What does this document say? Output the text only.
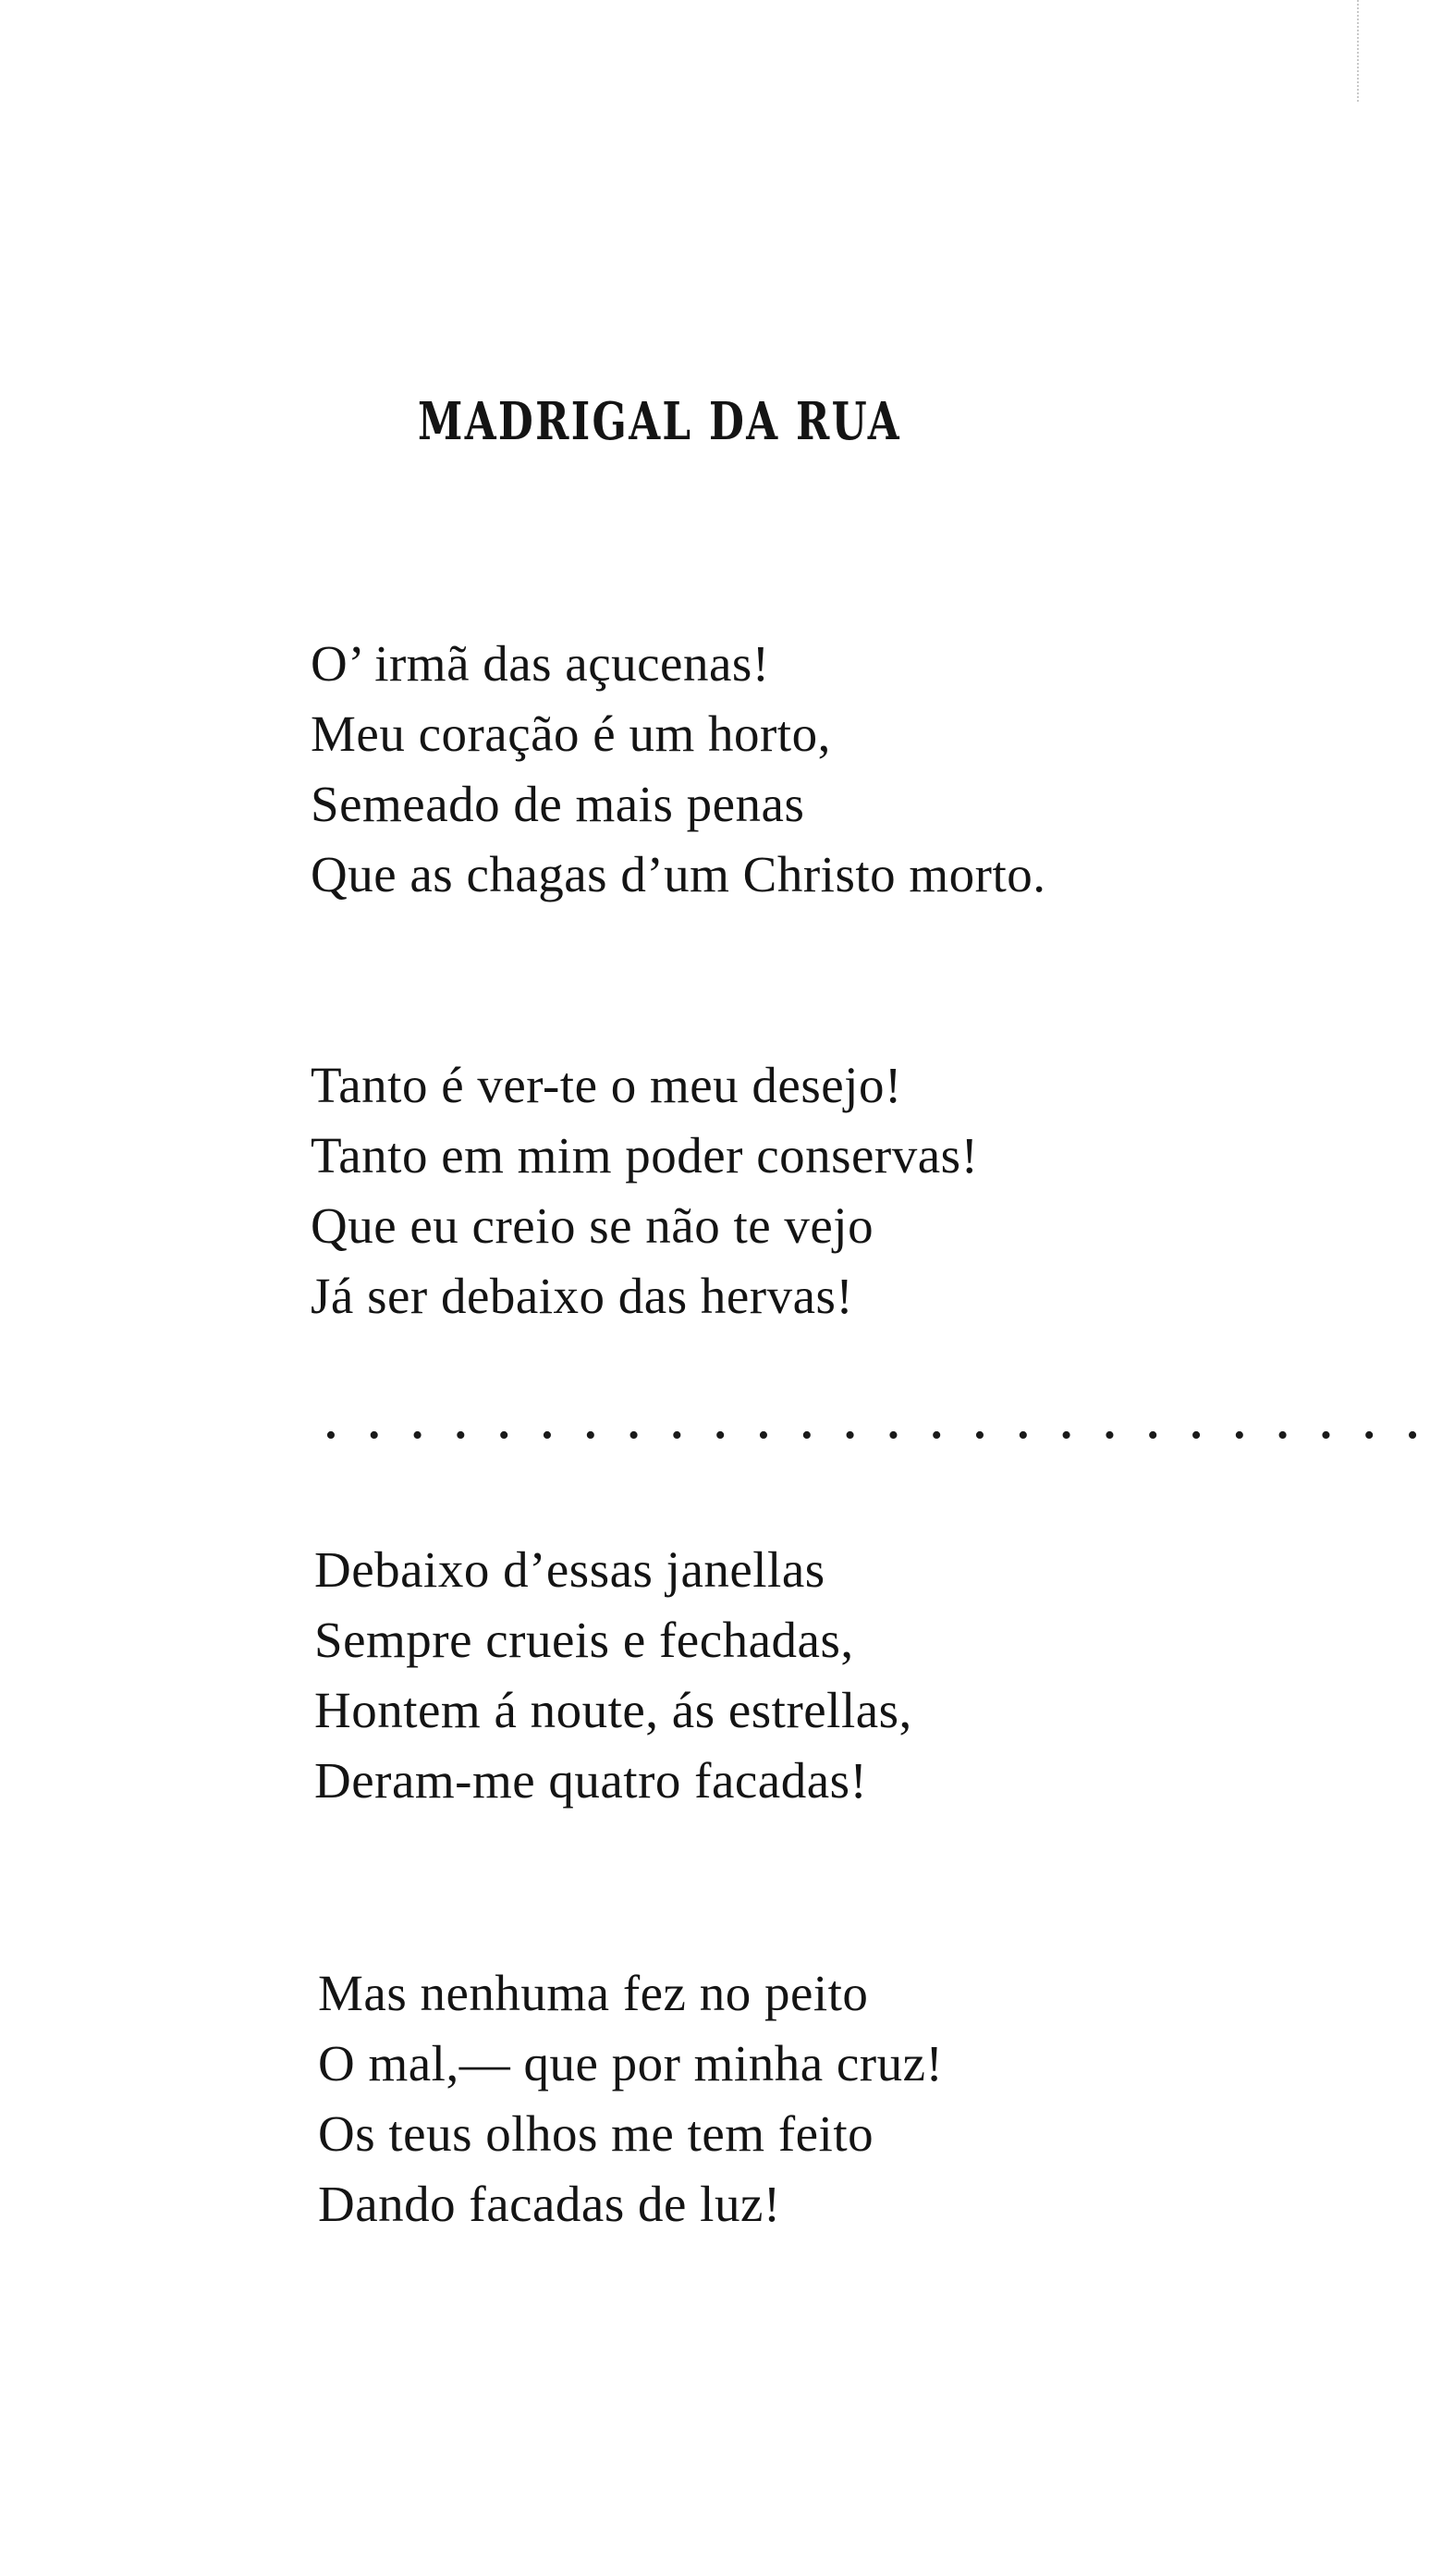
MADRIGAL DA RUA
O’ irmã das açucenas!
Meu coração é um horto,
Semeado de mais penas
Que as chagas d’um Christo morto.
Tanto é ver-te o meu desejo!
Tanto em mim poder conservas!
Que eu creio se não te vejo
Já ser debaixo das hervas!
• • • • • • • • • • • • • • • • • • • • • • • • • •
Debaixo d’essas janellas
Sempre crueis e fechadas,
Hontem á noute, ás estrellas,
Deram-me quatro facadas!
Mas nenhuma fez no peito
O mal,— que por minha cruz!
Os teus olhos me tem feito
Dando facadas de luz!
